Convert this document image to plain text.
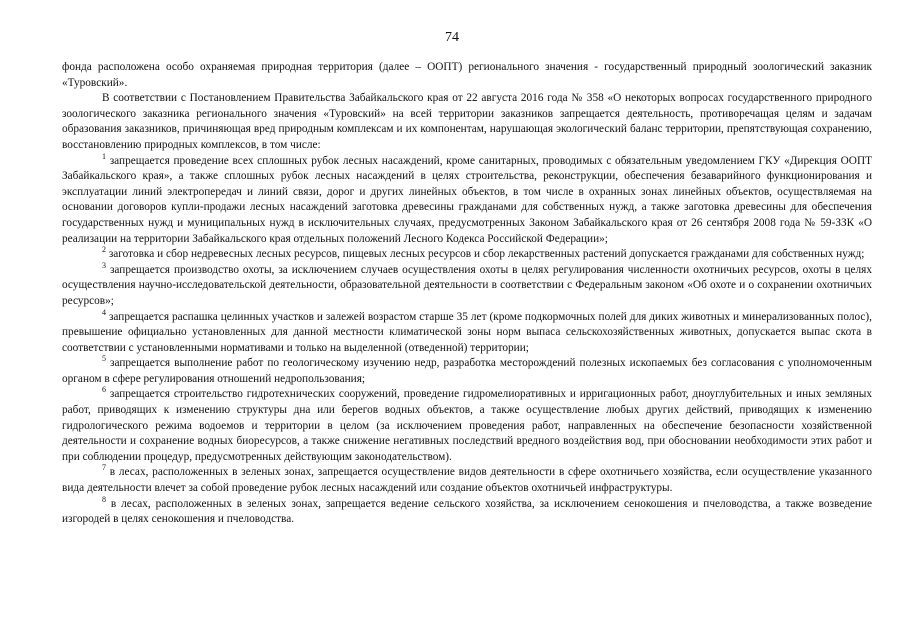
74

фонда расположена особо охраняемая природная территория (далее – ООПТ) регионального значения - государственный природный зоологический заказник «Туровский».

В соответствии с Постановлением Правительства Забайкальского края от 22 августа 2016 года № 358 «О некоторых вопросах государственного природного зоологического заказника регионального значения «Туровский» на всей территории заказников запрещается деятельность, противоречащая целям и задачам образования заказников, причиняющая вред природным комплексам и их компонентам, нарушающая экологический баланс территории, препятствующая сохранению, восстановлению природных комплексов, в том числе:

$^1$ запрещается проведение всех сплошных рубок лесных насаждений, кроме санитарных, проводимых с обязательным уведомлением ГКУ «Дирекция ООПТ Забайкальского края», а также сплошных рубок лесных насаждений в целях строительства, реконструкции, обеспечения безаварийного функционирования и эксплуатации линий электропередач и линий связи, дорог и других линейных объектов, в том числе в охранных зонах линейных объектов, осуществляемая на основании договоров купли-продажи лесных насаждений заготовка древесины гражданами для собственных нужд, а также заготовка древесины для обеспечения государственных нужд и муниципальных нужд в исключительных случаях, предусмотренных Законом Забайкальского края от 26 сентября 2008 года № 59-ЗЗК «О реализации на территории Забайкальского края отдельных положений Лесного Кодекса Российской Федерации»;

$^2$ заготовка и сбор недревесных лесных ресурсов, пищевых лесных ресурсов и сбор лекарственных растений допускается гражданами для собственных нужд;

$^3$ запрещается производство охоты, за исключением случаев осуществления охоты в целях регулирования численности охотничьих ресурсов, охоты в целях осуществления научно-исследовательской деятельности, образовательной деятельности в соответствии с Федеральным законом «Об охоте и о сохранении охотничьих ресурсов»;

$^4$ запрещается распашка целинных участков и залежей возрастом старше 35 лет (кроме подкормочных полей для диких животных и минерализованных полос), превышение официально установленных для данной местности климатической зоны норм выпаса сельскохозяйственных животных, допускается выпас скота в соответствии с установленными нормативами и только на выделенной (отведенной) территории;

$^5$ запрещается выполнение работ по геологическому изучению недр, разработка месторождений полезных ископаемых без согласования с уполномоченным органом в сфере регулирования отношений недропользования;

$^6$ запрещается строительство гидротехнических сооружений, проведение гидромелиоративных и ирригационных работ, дноуглубительных и иных земляных работ, приводящих к изменению структуры дна или берегов водных объектов, а также осуществление любых других действий, приводящих к изменению гидрологического режима водоемов и территории в целом (за исключением проведения работ, направленных на обеспечение безопасности хозяйственной деятельности и сохранение водных биоресурсов, а также снижение негативных последствий вредного воздействия вод, при обосновании необходимости этих работ и при соблюдении процедур, предусмотренных действующим законодательством).

$^7$ в лесах, расположенных в зеленых зонах, запрещается осуществление видов деятельности в сфере охотничьего хозяйства, если осуществление указанного вида деятельности влечет за собой проведение рубок лесных насаждений или создание объектов охотничьей инфраструктуры.

$^8$ в лесах, расположенных в зеленых зонах, запрещается ведение сельского хозяйства, за исключением сенокошения и пчеловодства, а также возведение изгородей в целях сенокошения и пчеловодства.
